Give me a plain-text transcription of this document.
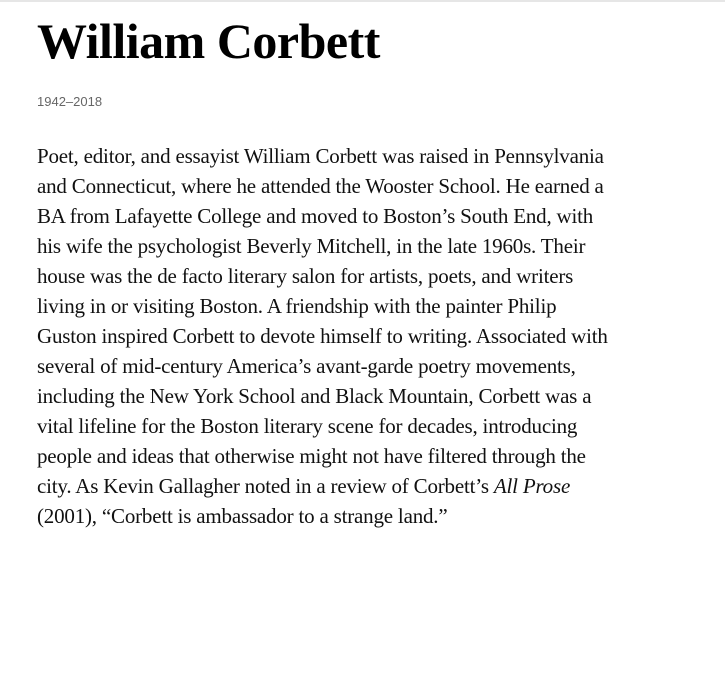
William Corbett
1942–2018
Poet, editor, and essayist William Corbett was raised in Pennsylvania
and Connecticut, where he attended the Wooster School. He earned a
BA from Lafayette College and moved to Boston’s South End, with
his wife the psychologist Beverly Mitchell, in the late 1960s. Their
house was the de facto literary salon for artists, poets, and writers
living in or visiting Boston. A friendship with the painter Philip
Guston inspired Corbett to devote himself to writing. Associated with
several of mid-century America’s avant-garde poetry movements,
including the New York School and Black Mountain, Corbett was a
vital lifeline for the Boston literary scene for decades, introducing
people and ideas that otherwise might not have filtered through the
city. As Kevin Gallagher noted in a review of Corbett’s All Prose
(2001), “Corbett is ambassador to a strange land.”
